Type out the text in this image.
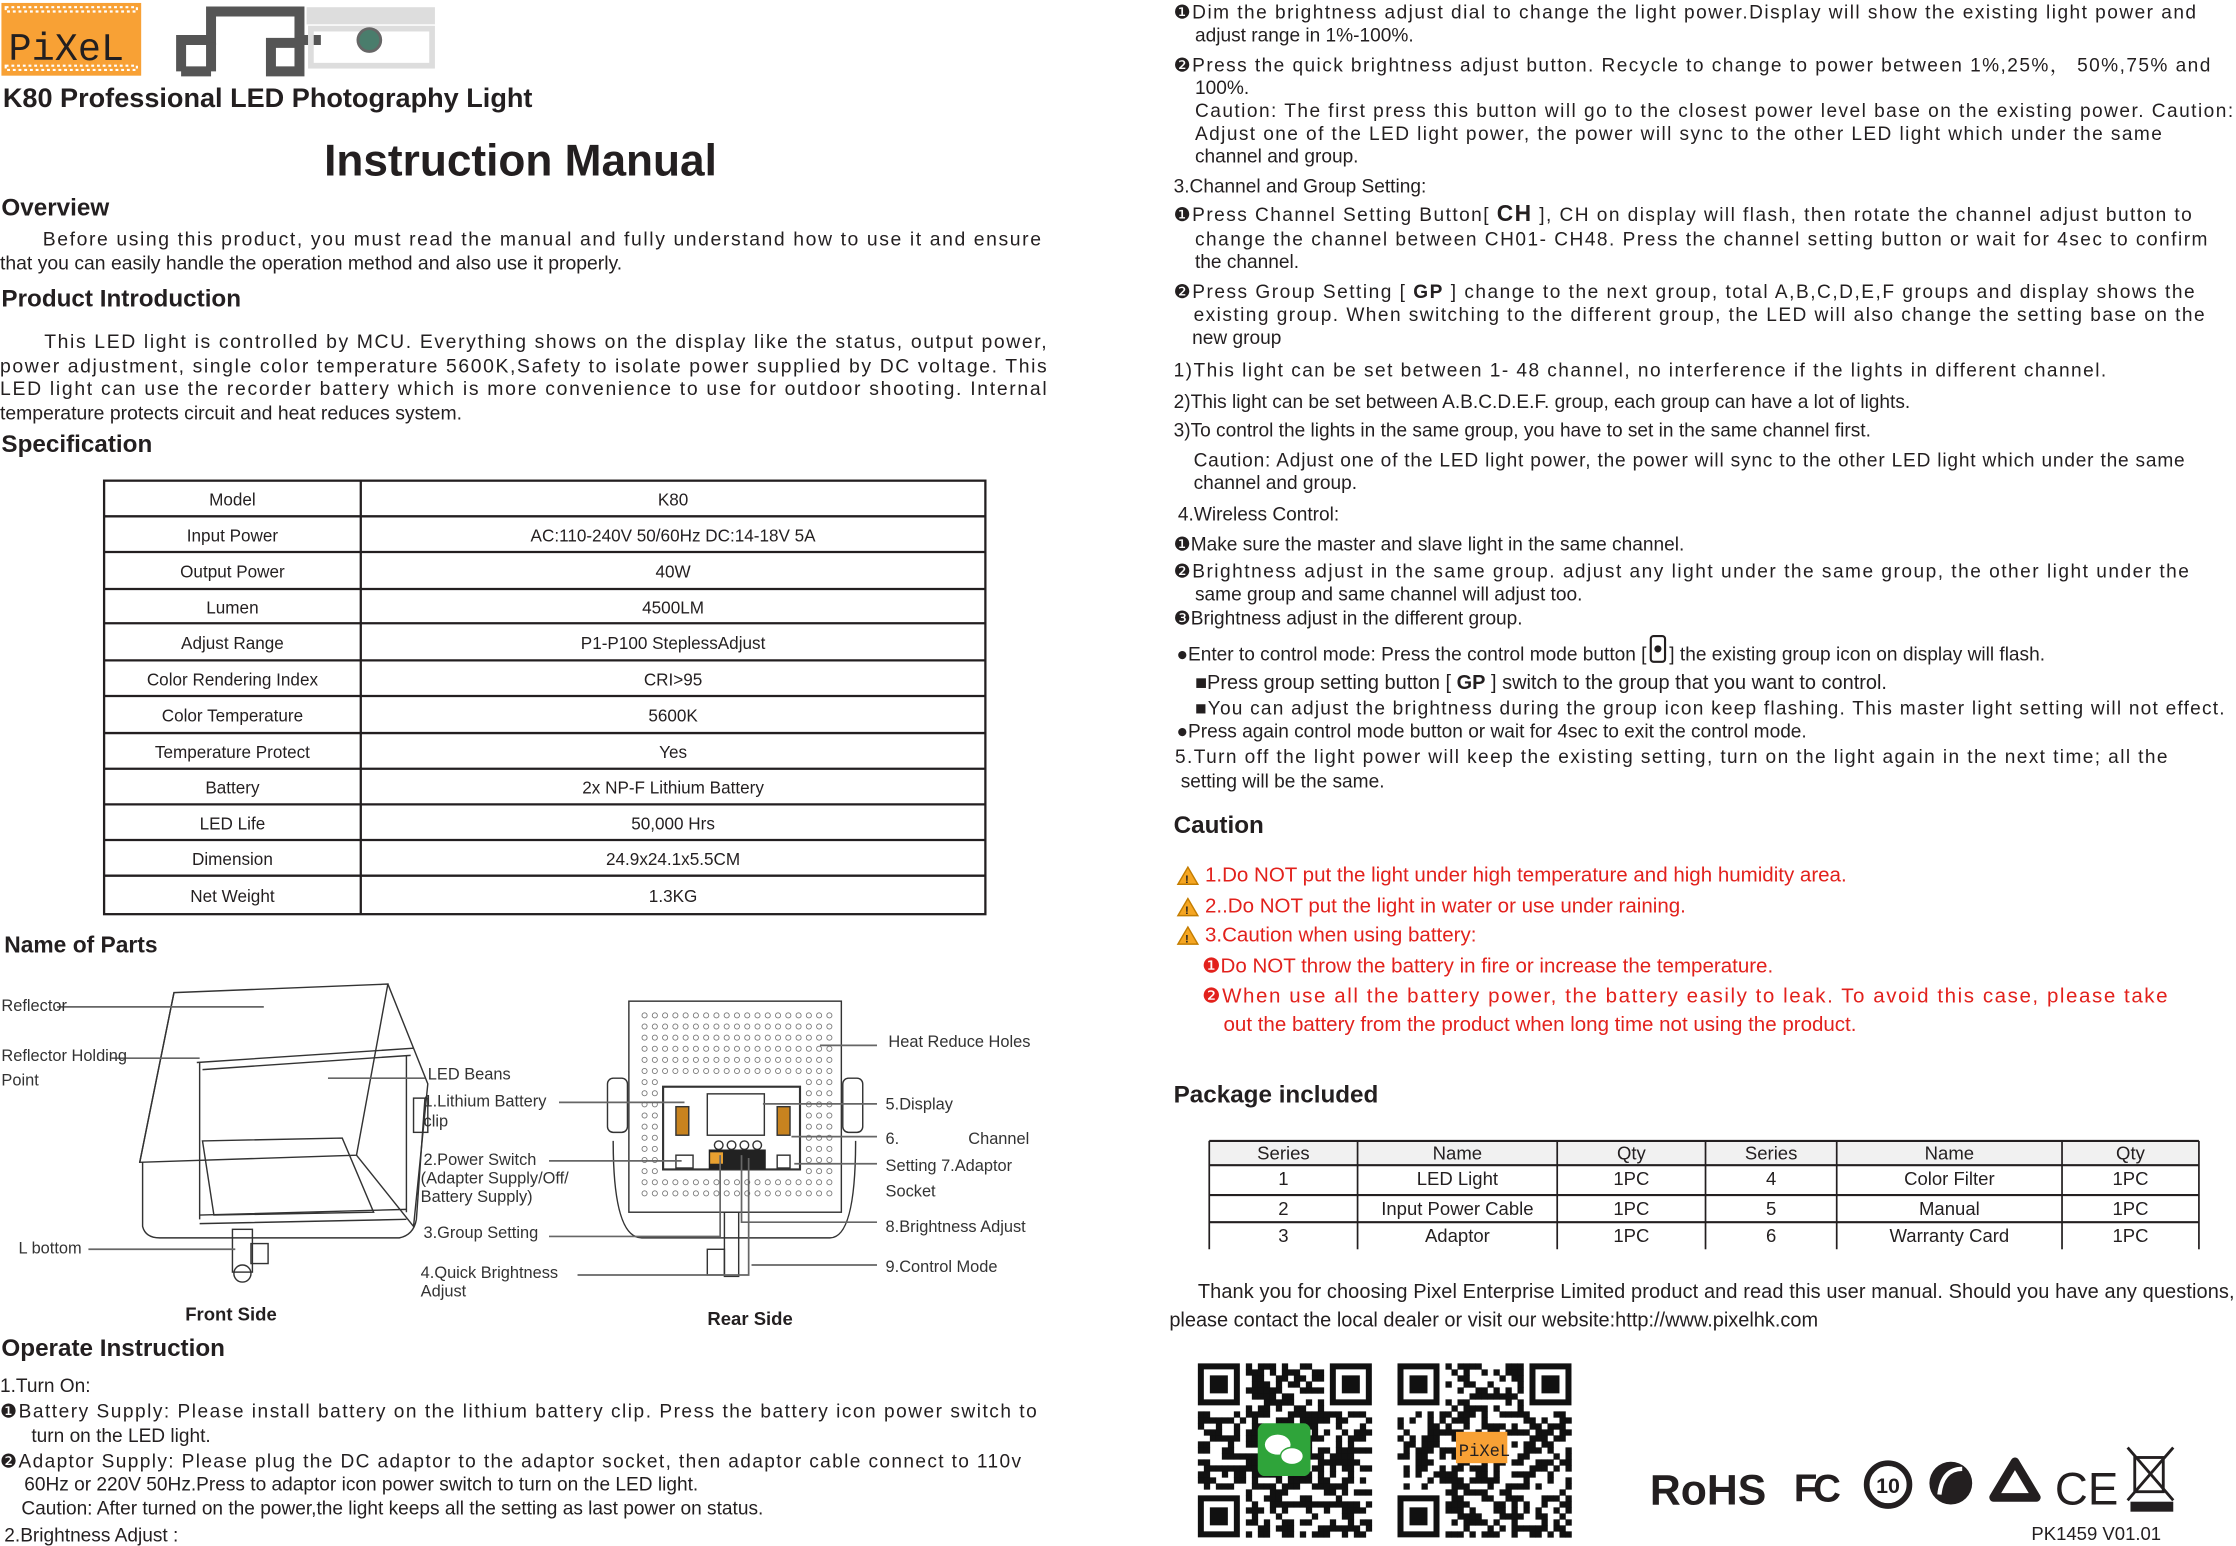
PiXeL
K80 Professional LED Photography Light
Instruction Manual
Overview
Before using this product, you must read the manual and fully understand how to use it and ensure
that you can easily handle the operation method and also use it properly.
Product Introduction
This LED light is controlled by MCU. Everything shows on the display like the status, output power,
power adjustment, single color temperature 5600K,Safety to isolate power supplied by DC voltage. This
LED light can use the recorder battery which is more convenience to use for outdoor shooting. Internal
temperature protects circuit and heat reduces system.
Specification
Model	K80
Input Power	AC:110-240V 50/60Hz DC:14-18V 5A
Output Power	40W
Lumen	4500LM
Adjust Range	P1-P100 SteplessAdjust
Color Rendering Index	CRI>95
Color Temperature	5600K
Temperature Protect	Yes
Battery	2x NP-F Lithium Battery
LED Life	50,000 Hrs
Dimension	24.9x24.1x5.5CM
Net Weight	1.3KG
Name of Parts
Reflector
Reflector Holding
Point	LED Beans
L bottom
Front Side
1.Lithium Battery
clip
2.Power Switch
(Adapter Supply/Off/
Battery Supply)
3.Group Setting
4.Quick Brightness
Adjust
Heat Reduce Holes
5.Display
6.	Channel
Setting 7.Adaptor
Socket
8.Brightness Adjust
9.Control Mode
Rear Side
Operate Instruction
1.Turn On:
❶Battery Supply: Please install battery on the lithium battery clip. Press the battery icon power switch to
turn on the LED light.
❷Adaptor Supply: Please plug the DC adaptor to the adaptor socket, then adaptor cable connect to 110v
60Hz or 220V 50Hz.Press to adaptor icon power switch to turn on the LED light.
Caution: After turned on the power,the light keeps all the setting as last power on status.
2.Brightness Adjust :
❶Dim the brightness adjust dial to change the light power.Display will show the existing light power and
adjust range in 1%-100%.
❷Press the quick brightness adjust button. Recycle to change to power between 1%,25%， 50%,75% and
100%.
Caution: The first press this button will go to the closest power level base on the existing power. Caution:
Adjust one of the LED light power, the power will sync to the other LED light which under the same
channel and group.
3.Channel and Group Setting:
❶Press Channel Setting Button[ CH ], CH on display will flash, then rotate the channel adjust button to
change the channel between CH01- CH48. Press the channel setting button or wait for 4sec to confirm
the channel.
❷Press Group Setting [ GP ] change to the next group, total A,B,C,D,E,F groups and display shows the
existing group. When switching to the different group, the LED will also change the setting base on the
new group
1)This light can be set between 1- 48 channel, no interference if the lights in different channel.
2)This light can be set between A.B.C.D.E.F. group, each group can have a lot of lights.
3)To control the lights in the same group, you have to set in the same channel first.
Caution: Adjust one of the LED light power, the power will sync to the other LED light which under the same
channel and group.
4.Wireless Control:
❶Make sure the master and slave light in the same channel.
❷Brightness adjust in the same group. adjust any light under the same group, the other light under the
same group and same channel will adjust too.
❸Brightness adjust in the different group.
●Enter to control mode: Press the control mode button [ ] the existing group icon on display will flash.
■Press group setting button [ GP ] switch to the group that you want to control.
■You can adjust the brightness during the group icon keep flashing. This master light setting will not effect.
●Press again control mode button or wait for 4sec to exit the control mode.
5.Turn off the light power will keep the existing setting, turn on the light again in the next time; all the
setting will be the same.
Caution
!
!
!
1.Do NOT put the light under high temperature and high humidity area.
2..Do NOT put the light in water or use under raining.
3.Caution when using battery:
❶Do NOT throw the battery in fire or increase the temperature.
❷When use all the battery power, the battery easily to leak. To avoid this case, please take
out the battery from the product when long time not using the product.
Package included
Series	Name	Qty	Series	Name	Qty
1	LED Light	1PC	4	Color Filter	1PC
2	Input Power Cable	1PC	5	Manual	1PC
3	Adaptor	1PC	6	Warranty Card	1PC
Thank you for choosing Pixel Enterprise Limited product and read this user manual. Should you have any questions,
please contact the local dealer or visit our website:http://www.pixelhk.com
PiXeL
RoHS FC	10	CE
PK1459 V01.01
